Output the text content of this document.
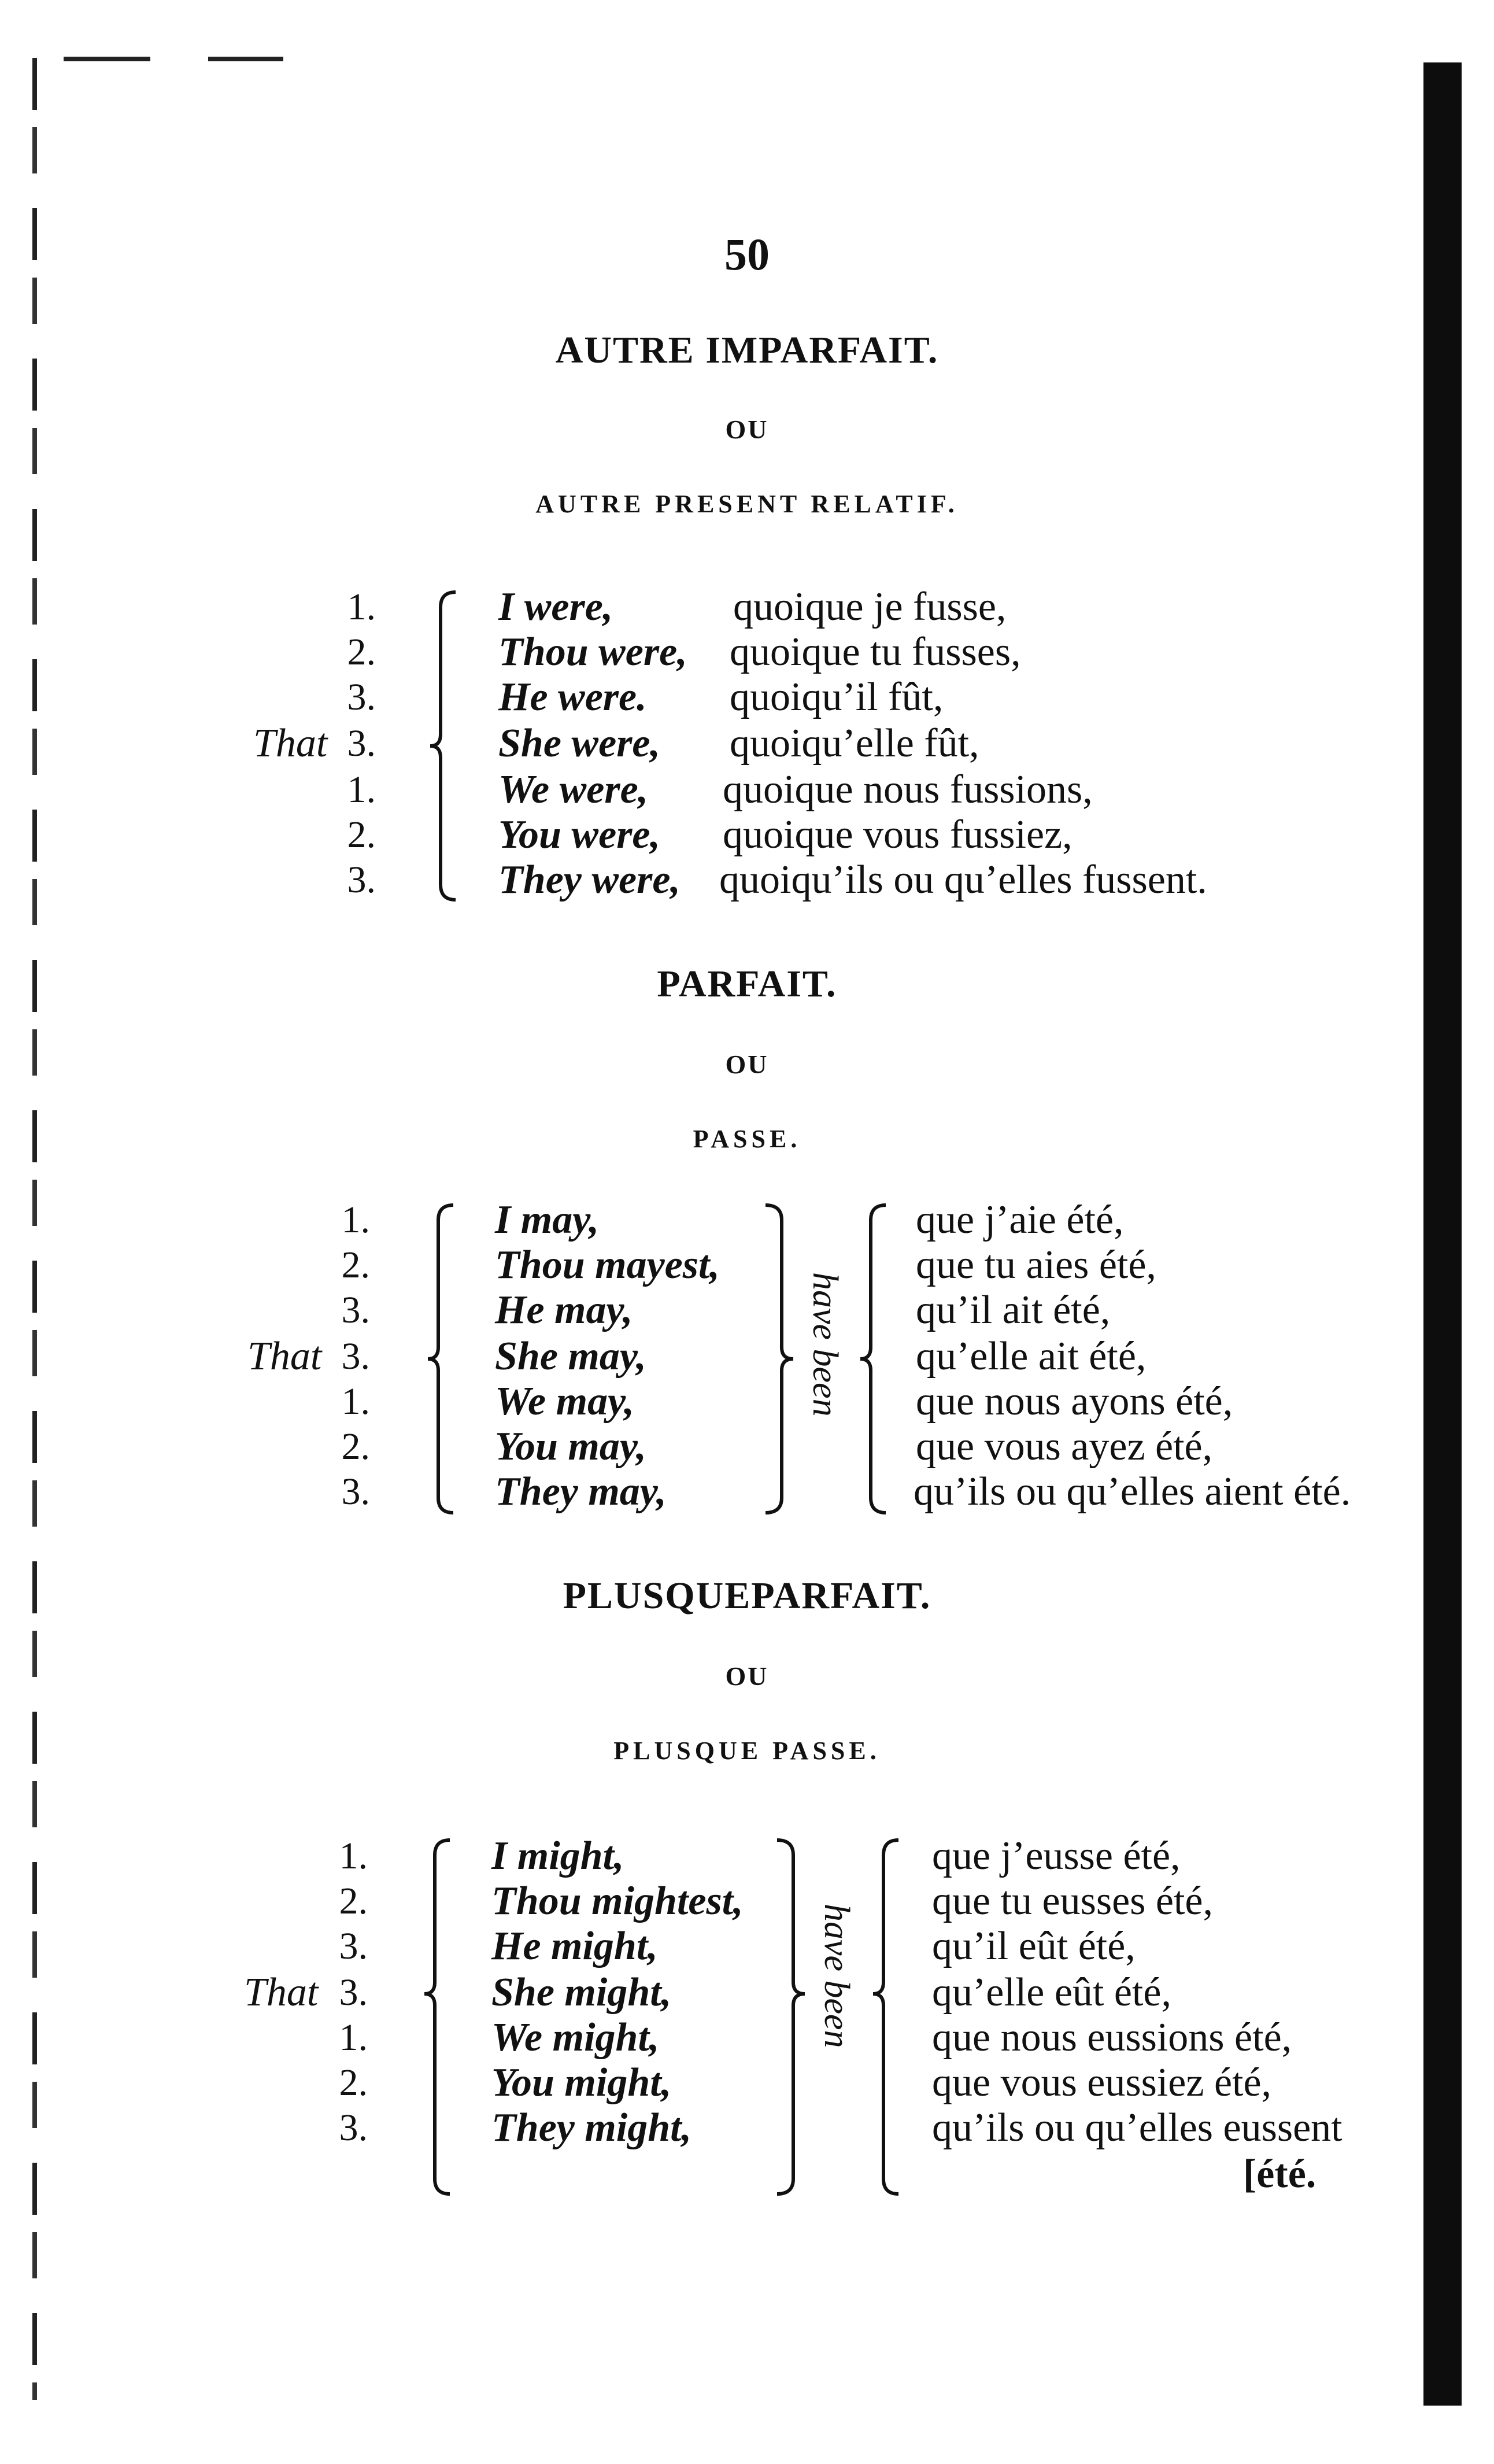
50
AUTRE IMPARFAIT.
OU
AUTRE PRESENT RELATIF.
That
1.	I were,	quoique je fusse,
2.	Thou were, quoique tu fusses,
3.	He were. quoiqu’il fût,
3.	She were, quoiqu’elle fût,
1.	We were, quoique nous fussions,
2.	You were, quoique vous fussiez,
3.	They were, quoiqu’ils ou qu’elles fussent.
PARFAIT.
OU
PASSE.
That	have been
1.	I may,	que j’aie été,
2.	Thou mayest,	que tu aies été,
3.	He may,	qu’il ait été,
3.	She may,	qu’elle ait été,
1.	We may,	que nous ayons été,
2.	You may,	que vous ayez été,
3.	They may,	qu’ils ou qu’elles aient été.
PLUSQUEPARFAIT.
OU
PLUSQUE PASSE.
That	have been
1.	I might,	que j’eusse été,
2.	Thou mightest,	que tu eusses été,
3.	He might,	qu’il eût été,
3.	She might,	qu’elle eût été,
1.	We might,	que nous eussions été,
2.	You might,	que vous eussiez été,
3.	They might,	qu’ils ou qu’elles eussent
[été.
